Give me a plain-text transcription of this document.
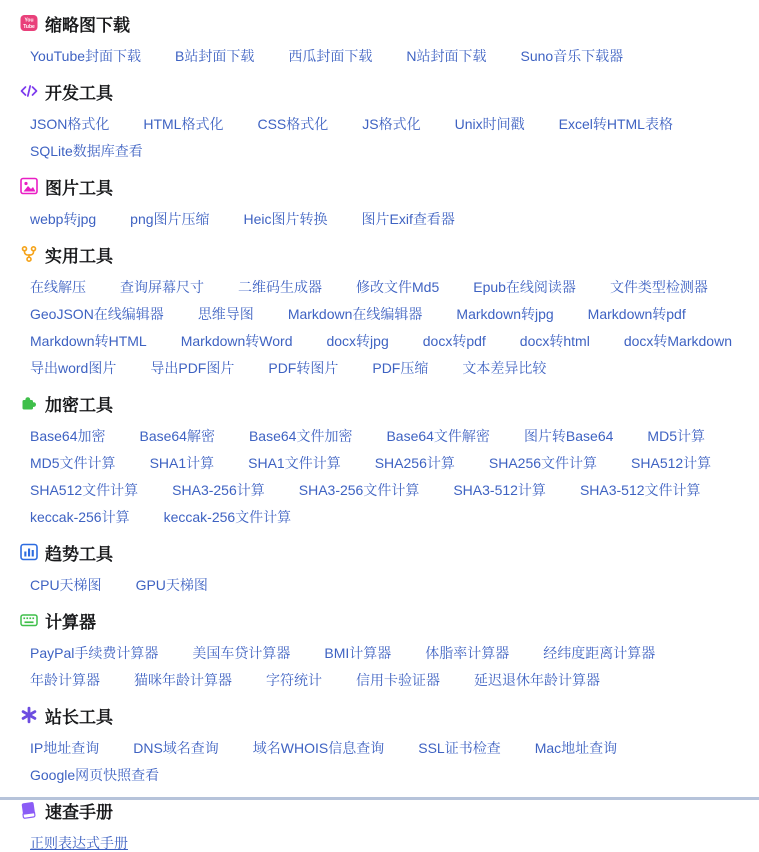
You
Tube 缩略图下载
YouTube封面下载 B站封面下载 西瓜封面下载 N站封面下载 Suno音乐下载器
开发工具
JSON格式化 HTML格式化 CSS格式化 JS格式化 Unix时间戳 Excel转HTML表格
SQLite数据库查看
图片工具
webp转jpg png图片压缩 Heic图片转换 图片Exif查看器
实用工具
在线解压 查询屏幕尺寸 二维码生成器 修改文件Md5 Epub在线阅读器 文件类型检测器
GeoJSON在线编辑器 思维导图 Markdown在线编辑器 Markdown转jpg Markdown转pdf
Markdown转HTML Markdown转Word docx转jpg docx转pdf docx转html docx转Markdown
导出word图片 导出PDF图片 PDF转图片 PDF压缩 文本差异比较
加密工具
Base64加密 Base64解密 Base64文件加密 Base64文件解密 图片转Base64 MD5计算
MD5文件计算 SHA1计算 SHA1文件计算 SHA256计算 SHA256文件计算 SHA512计算
SHA512文件计算 SHA3-256计算 SHA3-256文件计算 SHA3-512计算 SHA3-512文件计算
keccak-256计算 keccak-256文件计算
趋势工具
CPU天梯图 GPU天梯图
计算器
PayPal手续费计算器 美国车贷计算器 BMI计算器 体脂率计算器 经纬度距离计算器
年龄计算器 猫咪年龄计算器 字符统计 信用卡验证器 延迟退休年龄计算器
站长工具
IP地址查询 DNS域名查询 域名WHOIS信息查询 SSL证书检查 Mac地址查询
Google网页快照查看
速查手册
正则表达式手册
